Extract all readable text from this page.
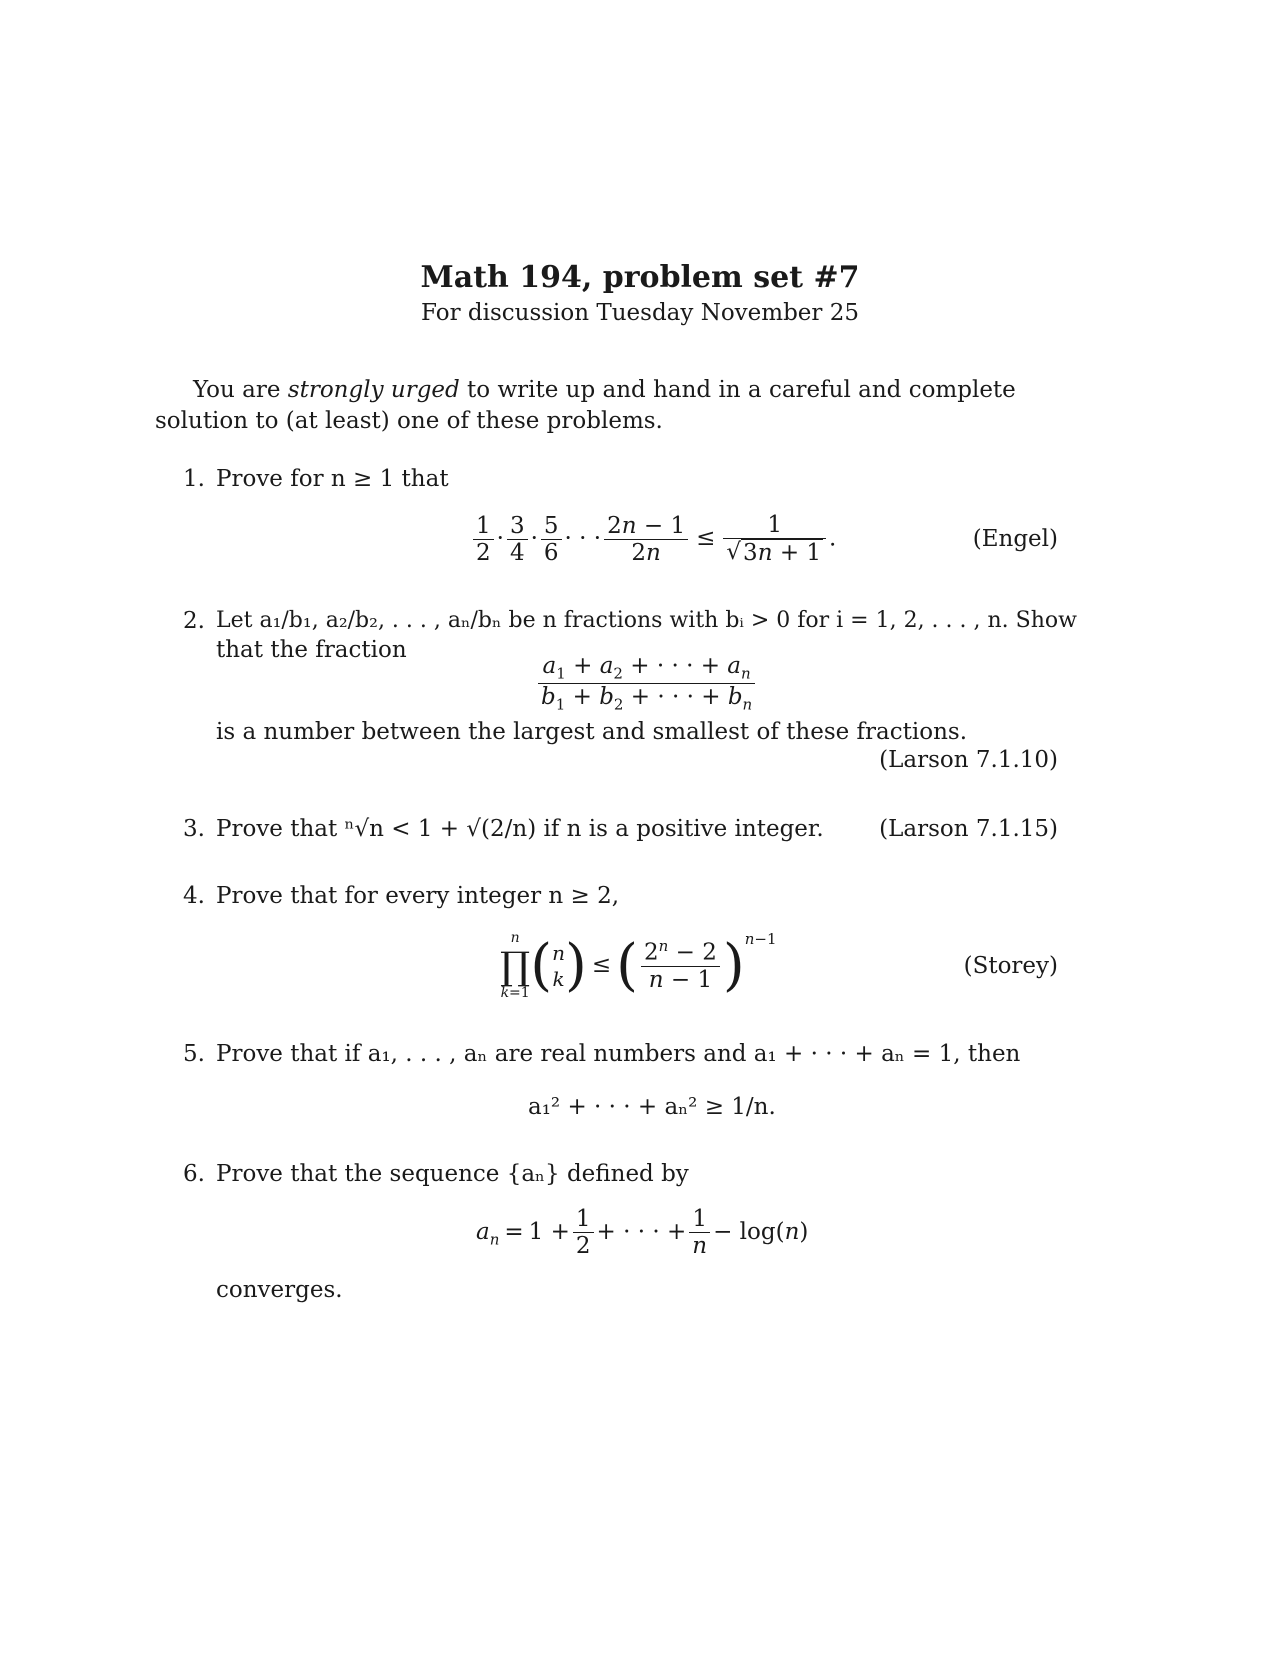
Math 194, problem set #7
For discussion Tuesday November 25
You are strongly urged to write up and hand in a careful and complete solution to (at least) one of these problems.
1. Prove for n ≥ 1 that
$\frac{1}{2} \cdot \frac{3}{4} \cdot \frac{5}{6}$ · · · $\frac{2n - 1}{2n} \le \frac{1}{√ 3n + 1}$ .	(Engel)
2. Let a₁/b₁, a₂/b₂, . . . , aₙ/bₙ be n fractions with bᵢ > 0 for i = 1, 2, . . . , n. Show
that the fraction
$\frac{a_1 + a_2 + \cdot \cdot \cdot + a_n}{b_1 + b_2 + \cdot \cdot \cdot + b_n}$
is a number between the largest and smallest of these fractions.
(Larson 7.1.10)
3. Prove that ⁿ√n < 1 + √(2/n) if n is a positive integer. (Larson 7.1.15)
4. Prove that for every integer n ≥ 2,
n
∏
k=1 ( n
k ) ≤( $\frac{2^n - 2}{n - 1} )^{n-1}$
(Storey)
5. Prove that if a₁, . . . , aₙ are real numbers and a₁ + · · · + aₙ = 1, then
a₁² + · · · + aₙ² ≥ 1/n.
6. Prove that the sequence {aₙ} defined by
$a_n = 1 + \frac{1}{2}$ + · · · + $\frac{1}{n} - \log(n)$
converges.
